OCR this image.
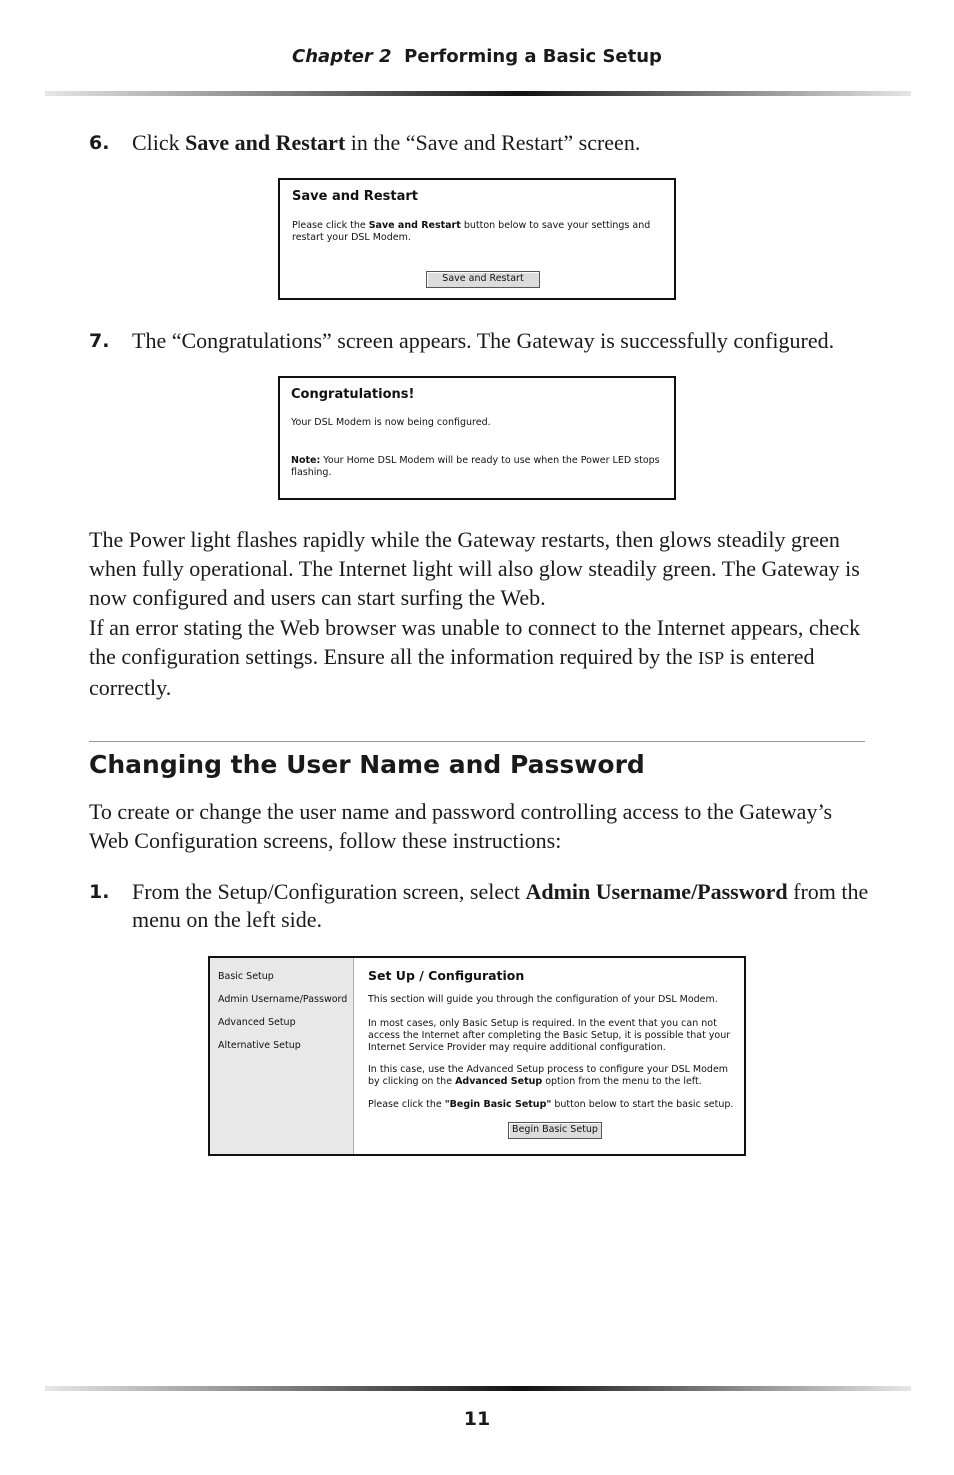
Chapter 2 Performing a Basic Setup
6. Click Save and Restart in the “Save and Restart” screen.
Save and Restart
Please click the Save and Restart button below to save your settings and restart your DSL Modem.
Save and Restart
7. The “Congratulations” screen appears. The Gateway is successfully configured.
Congratulations!
Your DSL Modem is now being configured.
Note: Your Home DSL Modem will be ready to use when the Power LED stops flashing.
The Power light flashes rapidly while the Gateway restarts, then glows steadily green when fully operational. The Internet light will also glow steadily green. The Gateway is now configured and users can start surfing the Web.
If an error stating the Web browser was unable to connect to the Internet appears, check the configuration settings. Ensure all the information required by the ISP is entered correctly.
Changing the User Name and Password
To create or change the user name and password controlling access to the Gateway’s Web Configuration screens, follow these instructions:
1. From the Setup/Configuration screen, select Admin Username/Password from the menu on the left side.
Basic Setup
Admin Username/Password
Advanced Setup
Alternative Setup
Set Up / Configuration
This section will guide you through the configuration of your DSL Modem.
In most cases, only Basic Setup is required. In the event that you can not access the Internet after completing the Basic Setup, it is possible that your Internet Service Provider may require additional configuration.
In this case, use the Advanced Setup process to configure your DSL Modem by clicking on the Advanced Setup option from the menu to the left.
Please click the "Begin Basic Setup" button below to start the basic setup.
Begin Basic Setup
11
